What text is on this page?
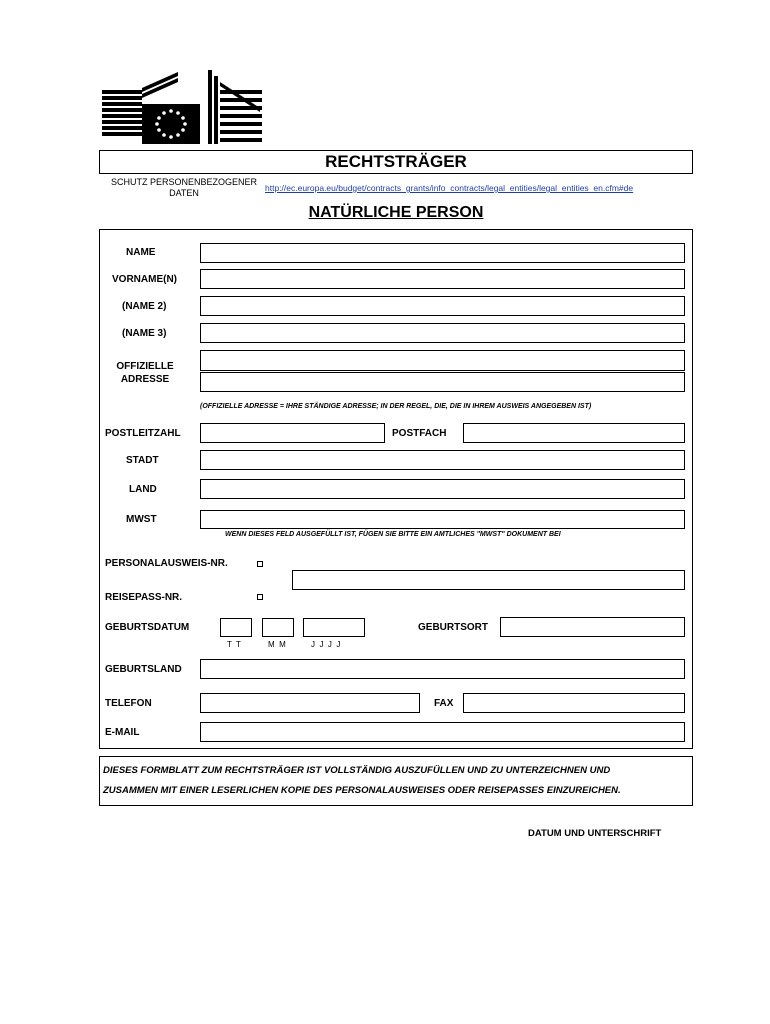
RECHTSTRÄGER
SCHUTZ PERSONENBEZOGENER
DATEN	http://ec.europa.eu/budget/contracts_grants/info_contracts/legal_entities/legal_entities_en.cfm#de
NATÜRLICHE PERSON
NAME
VORNAME(N)
(NAME 2)
(NAME 3)
OFFIZIELLE
ADRESSE
(OFFIZIELLE ADRESSE = IHRE STÄNDIGE ADRESSE; IN DER REGEL, DIE, DIE IN IHREM AUSWEIS ANGEGEBEN IST)
POSTLEITZAHL	POSTFACH
STADT
LAND
MWST
WENN DIESES FELD AUSGEFÜLLT IST, FÜGEN SIE BITTE EIN AMTLICHES "MWST" DOKUMENT BEI
PERSONALAUSWEIS-NR.
REISEPASS-NR.
GEBURTSDATUM
T  T	M  M	J  J  J  J
GEBURTSORT
GEBURTSLAND
TELEFON	FAX
E-MAIL
DIESES FORMBLATT ZUM RECHTSTRÄGER IST VOLLSTÄNDIG AUSZUFÜLLEN UND ZU UNTERZEICHNEN UND
ZUSAMMEN MIT EINER LESERLICHEN KOPIE DES PERSONALAUSWEISES ODER REISEPASSES EINZUREICHEN.
DATUM UND UNTERSCHRIFT
